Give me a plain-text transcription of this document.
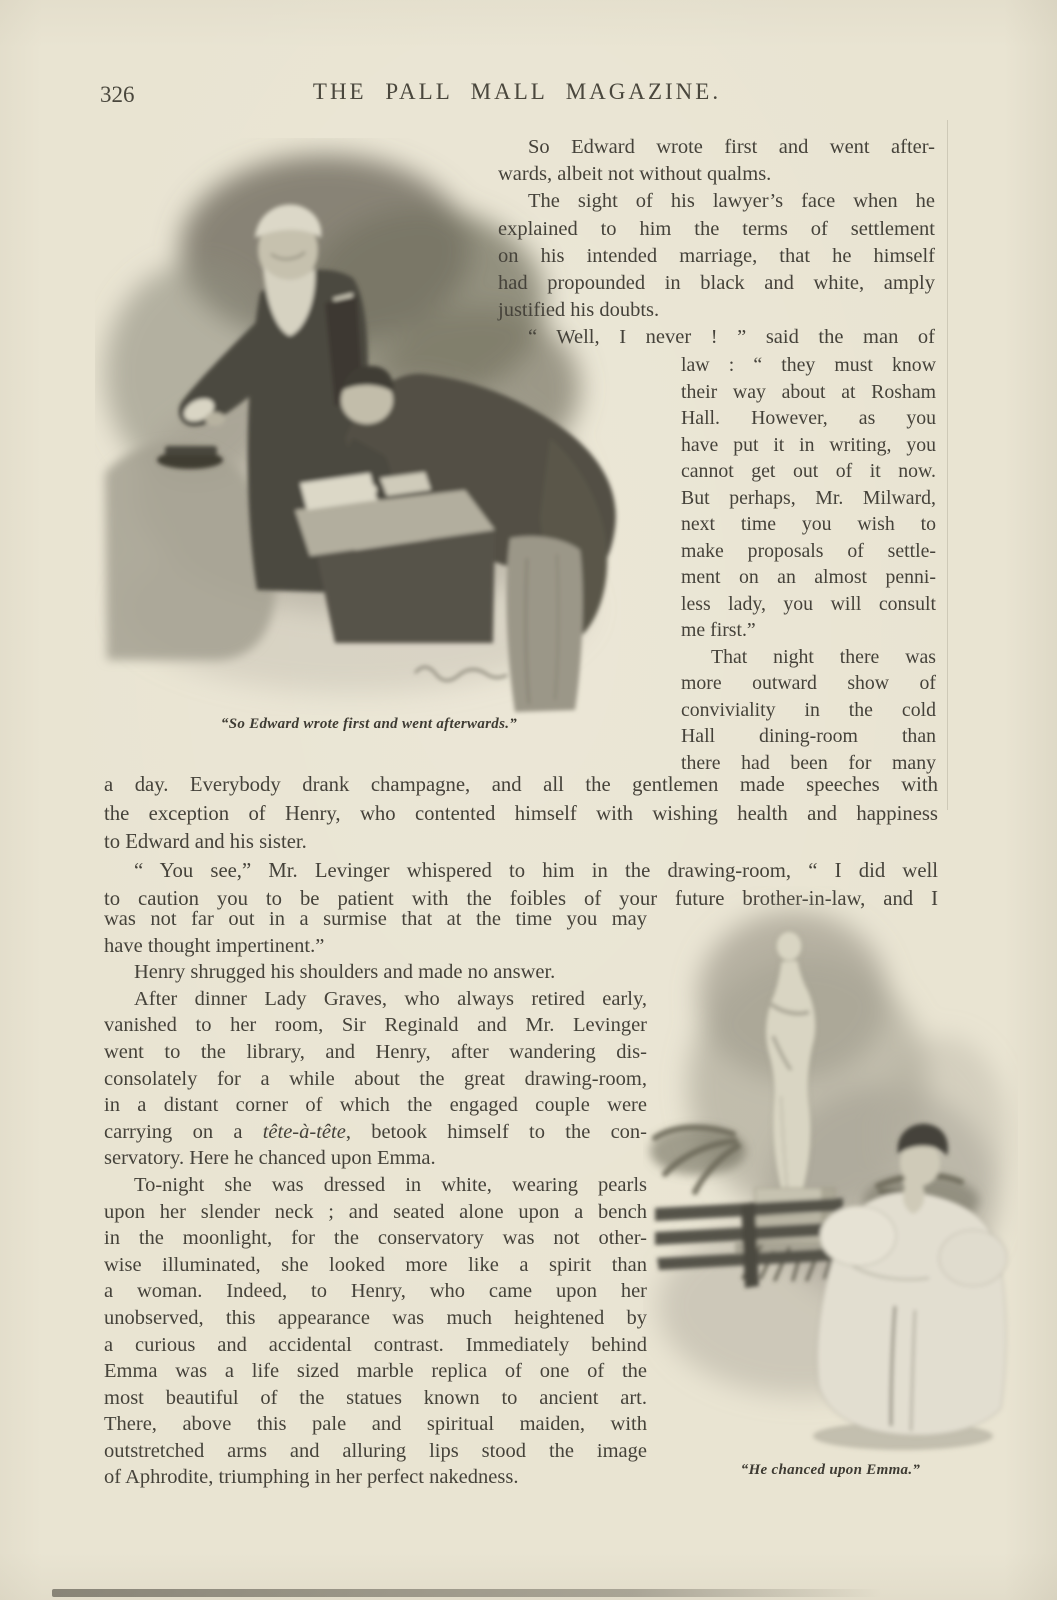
326	THE PALL MALL MAGAZINE.
“So Edward wrote first and went afterwards.”
So Edward wrote first and went after-
wards, albeit not without qualms.
The sight of his lawyer’s face when he
explained to him the terms of settlement
on his intended marriage, that he himself
had propounded in black and white, amply
justified his doubts.
“ Well, I never ! ” said the man of
law : “ they must know
their way about at Rosham
Hall. However, as you
have put it in writing, you
cannot get out of it now.
But perhaps, Mr. Milward,
next time you wish to
make proposals of settle-
ment on an almost penni-
less lady, you will consult
me first.”
That night there was
more outward show of
conviviality in the cold
Hall dining-room than
there had been for many
a day. Everybody drank champagne, and all the gentlemen made speeches with
the exception of Henry, who contented himself with wishing health and happiness
to Edward and his sister.
“ You see,” Mr. Levinger whispered to him in the drawing-room, “ I did well
to caution you to be patient with the foibles of your future brother-in-law, and I
was not far out in a surmise that at the time you may
have thought impertinent.”
Henry shrugged his shoulders and made no answer.
After dinner Lady Graves, who always retired early,
vanished to her room, Sir Reginald and Mr. Levinger
went to the library, and Henry, after wandering dis-
consolately for a while about the great drawing-room,
in a distant corner of which the engaged couple were
carrying on a tête-à-tête, betook himself to the con-
servatory. Here he chanced upon Emma.
To-night she was dressed in white, wearing pearls
upon her slender neck ; and seated alone upon a bench
in the moonlight, for the conservatory was not other-
wise illuminated, she looked more like a spirit than
a woman. Indeed, to Henry, who came upon her
unobserved, this appearance was much heightened by
a curious and accidental contrast. Immediately behind
Emma was a life sized marble replica of one of the
most beautiful of the statues known to ancient art.
There, above this pale and spiritual maiden, with
outstretched arms and alluring lips stood the image
of Aphrodite, triumphing in her perfect nakedness.	“He chanced upon Emma.”
